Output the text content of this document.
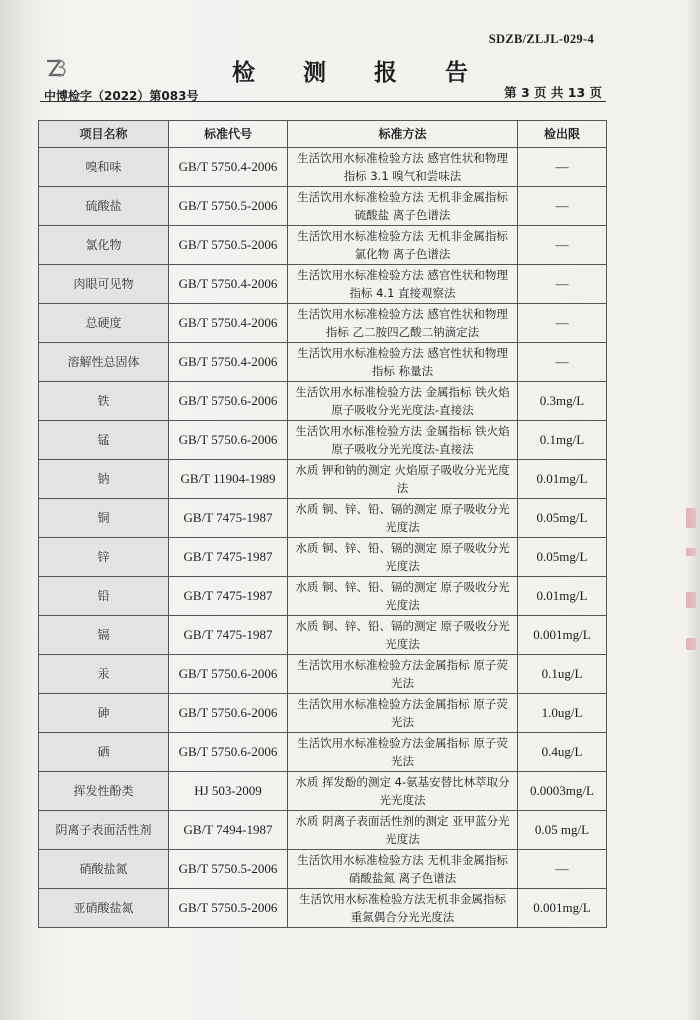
SDZB/ZLJL-029-4
检 测 报 告
中博检字（2022）第083号	第 3 页 共 13 页
项目名称	标准代号	标准方法	检出限
嗅和味	GB/T 5750.4-2006	生活饮用水标准检验方法 感官性状和物理指标 3.1 嗅气和尝味法	—
硫酸盐	GB/T 5750.5-2006	生活饮用水标准检验方法 无机非金属指标 硫酸盐 离子色谱法	—
氯化物	GB/T 5750.5-2006	生活饮用水标准检验方法 无机非金属指标 氯化物 离子色谱法	—
肉眼可见物	GB/T 5750.4-2006	生活饮用水标准检验方法 感官性状和物理指标 4.1 直接观察法	—
总硬度	GB/T 5750.4-2006	生活饮用水标准检验方法 感官性状和物理指标 乙二胺四乙酸二钠滴定法	—
溶解性总固体	GB/T 5750.4-2006	生活饮用水标准检验方法 感官性状和物理指标 称量法	—
铁	GB/T 5750.6-2006	生活饮用水标准检验方法 金属指标 铁火焰原子吸收分光光度法-直接法	0.3mg/L
锰	GB/T 5750.6-2006	生活饮用水标准检验方法 金属指标 铁火焰原子吸收分光光度法-直接法	0.1mg/L
钠	GB/T 11904-1989	水质 钾和钠的测定 火焰原子吸收分光光度法	0.01mg/L
铜	GB/T 7475-1987	水质 铜、锌、铅、镉的测定 原子吸收分光光度法	0.05mg/L
锌	GB/T 7475-1987	水质 铜、锌、铅、镉的测定 原子吸收分光光度法	0.05mg/L
铅	GB/T 7475-1987	水质 铜、锌、铅、镉的测定 原子吸收分光光度法	0.01mg/L
镉	GB/T 7475-1987	水质 铜、锌、铅、镉的测定 原子吸收分光光度法	0.001mg/L
汞	GB/T 5750.6-2006	生活饮用水标准检验方法金属指标 原子荧光法	0.1ug/L
砷	GB/T 5750.6-2006	生活饮用水标准检验方法金属指标 原子荧光法	1.0ug/L
硒	GB/T 5750.6-2006	生活饮用水标准检验方法金属指标 原子荧光法	0.4ug/L
挥发性酚类	HJ 503-2009	水质 挥发酚的测定 4-氨基安替比林萃取分光光度法	0.0003mg/L
阴离子表面活性剂	GB/T 7494-1987	水质 阴离子表面活性剂的测定 亚甲蓝分光光度法	0.05 mg/L
硝酸盐氮	GB/T 5750.5-2006	生活饮用水标准检验方法 无机非金属指标 硝酸盐氮 离子色谱法	—
亚硝酸盐氮	GB/T 5750.5-2006	生活饮用水标准检验方法无机非金属指标 重氮偶合分光光度法	0.001mg/L
